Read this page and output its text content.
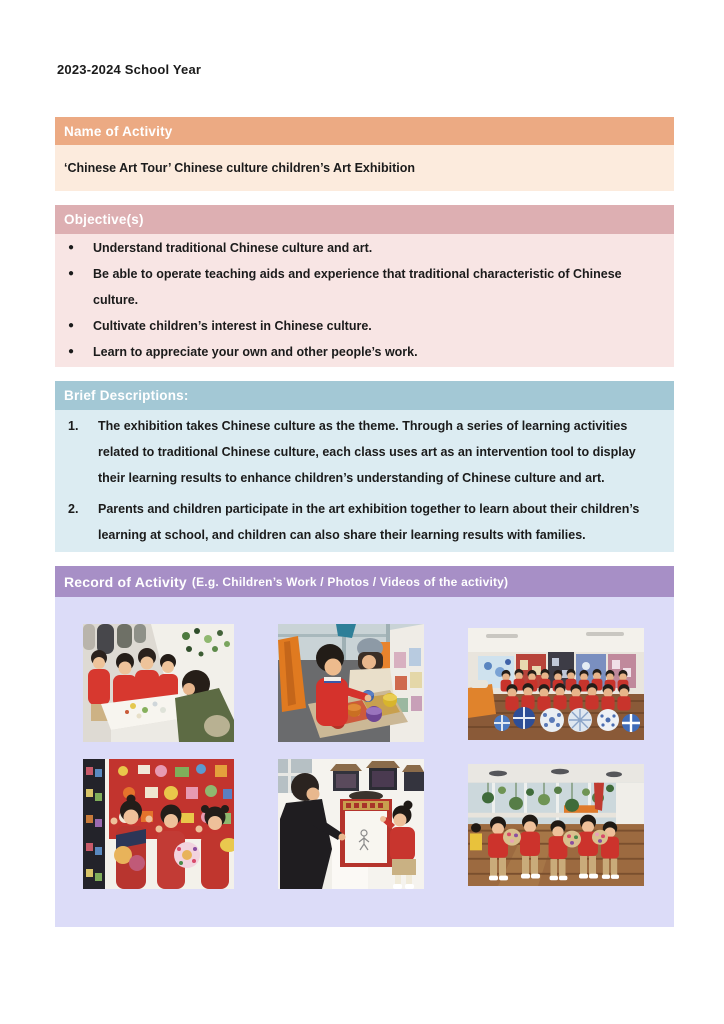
2023-2024 School Year
Name of Activity
‘Chinese Art Tour’ Chinese culture children’s Art Exhibition
Objective(s)
● Understand traditional Chinese culture and art.
● Be able to operate teaching aids and experience that traditional characteristic of Chinese culture.
● Cultivate children’s interest in Chinese culture.
● Learn to appreciate your own and other people’s work.
Brief Descriptions:
1.	The exhibition takes Chinese culture as the theme. Through a series of learning activities related to traditional Chinese culture, each class uses art as an intervention tool to display their learning results to enhance children’s understanding of Chinese culture and art.
2.	Parents and children participate in the art exhibition together to learn about their children’s learning at school, and children can also share their learning results with families.
Record of Activity (E.g. Children’s Work / Photos / Videos of the activity)
